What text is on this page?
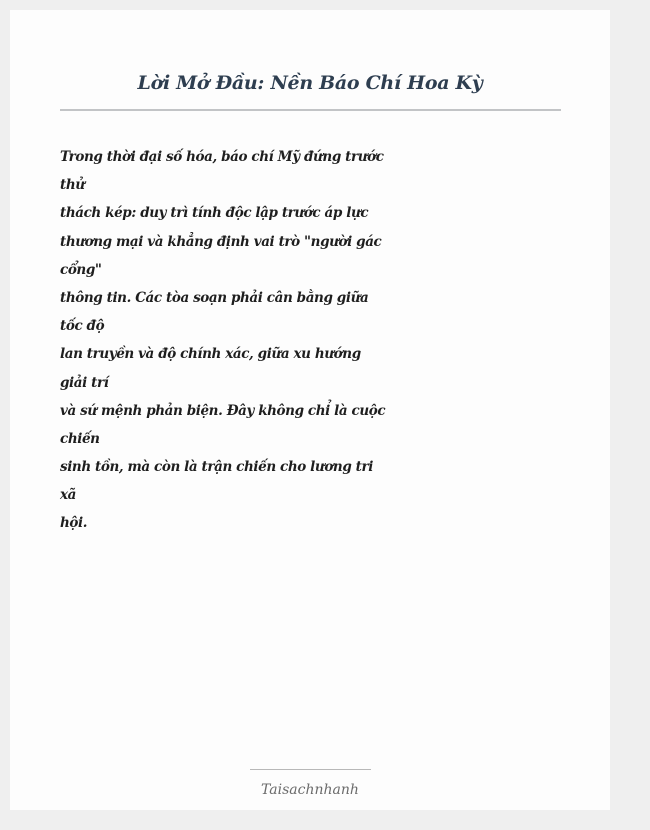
Lời Mở Đầu: Nền Báo Chí Hoa Kỳ
Trong thời đại số hóa, báo chí Mỹ đứng trước
thử
thách kép: duy trì tính độc lập trước áp lực
thương mại và khẳng định vai trò "người gác
cổng"
thông tin. Các tòa soạn phải cân bằng giữa
tốc độ
lan truyền và độ chính xác, giữa xu hướng
giải trí
và sứ mệnh phản biện. Đây không chỉ là cuộc
chiến
sinh tồn, mà còn là trận chiến cho lương tri
xã
hội.
Taisachnhanh
